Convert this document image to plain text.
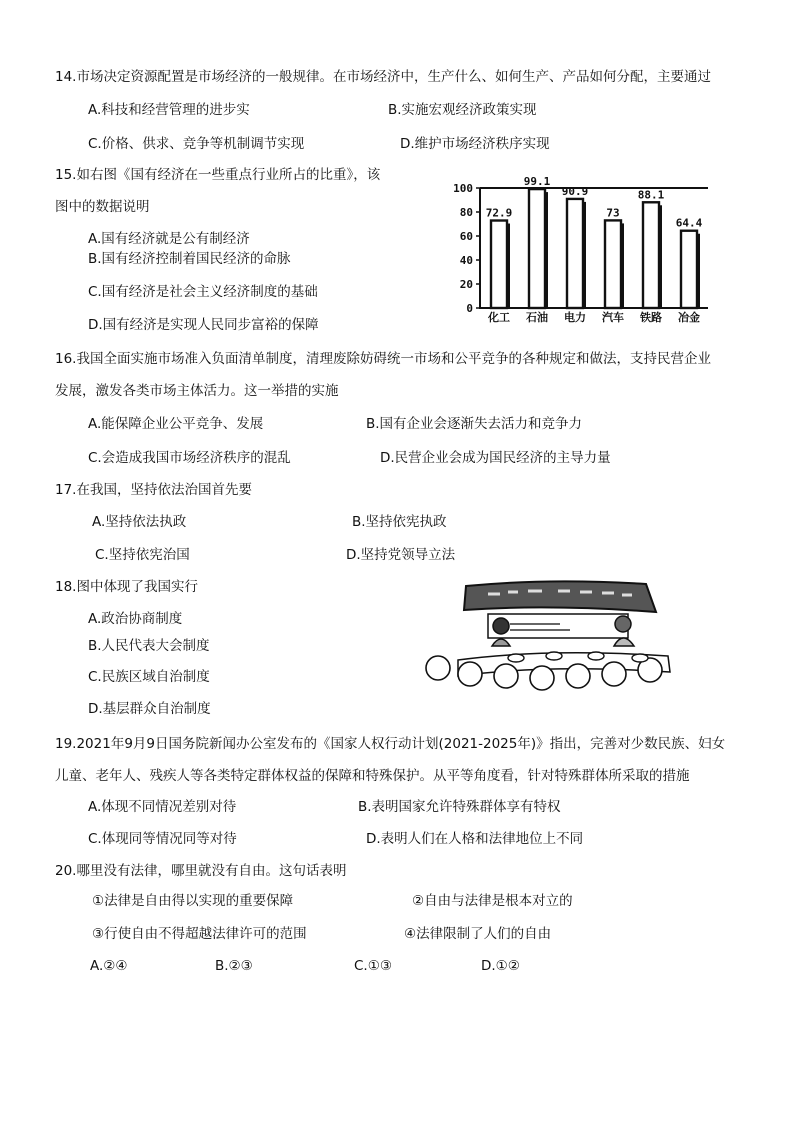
14.市场决定资源配置是市场经济的一般规律。在市场经济中，生产什么、如何生产、产品如何分配，主要通过
A.科技和经营管理的进步实	B.实施宏观经济政策实现
C.价格、供求、竞争等机制调节实现	D.维护市场经济秩序实现
15.如右图《国有经济在一些重点行业所占的比重》，该
图中的数据说明
A.国有经济就是公有制经济
B.国有经济控制着国民经济的命脉
C.国有经济是社会主义经济制度的基础
D.国有经济是实现人民同步富裕的保障
0
20
40
60
80
100
72.9
化工
99.1
石油
90.9
电力
73
汽车
88.1
铁路
64.4
冶金
16.我国全面实施市场准入负面清单制度，清理废除妨碍统一市场和公平竞争的各种规定和做法，支持民营企业
发展，激发各类市场主体活力。这一举措的实施
A.能保障企业公平竞争、发展	B.国有企业会逐渐失去活力和竞争力
C.会造成我国市场经济秩序的混乱	D.民营企业会成为国民经济的主导力量
17.在我国，坚持依法治国首先要
A.坚持依法执政	B.坚持依宪执政
C.坚持依宪治国	D.坚持党领导立法
18.图中体现了我国实行
A.政治协商制度
B.人民代表大会制度
C.民族区域自治制度
D.基层群众自治制度
19.2021年9月9日国务院新闻办公室发布的《国家人权行动计划(2021-2025年)》指出，完善对少数民族、妇女
儿童、老年人、残疾人等各类特定群体权益的保障和特殊保护。从平等角度看，针对特殊群体所采取的措施
A.体现不同情况差别对待	B.表明国家允许特殊群体享有特权
C.体现同等情况同等对待	D.表明人们在人格和法律地位上不同
20.哪里没有法律，哪里就没有自由。这句话表明
①法律是自由得以实现的重要保障	②自由与法律是根本对立的
③行使自由不得超越法律许可的范围	④法律限制了人们的自由
A.②④	B.②③	C.①③	D.①②
